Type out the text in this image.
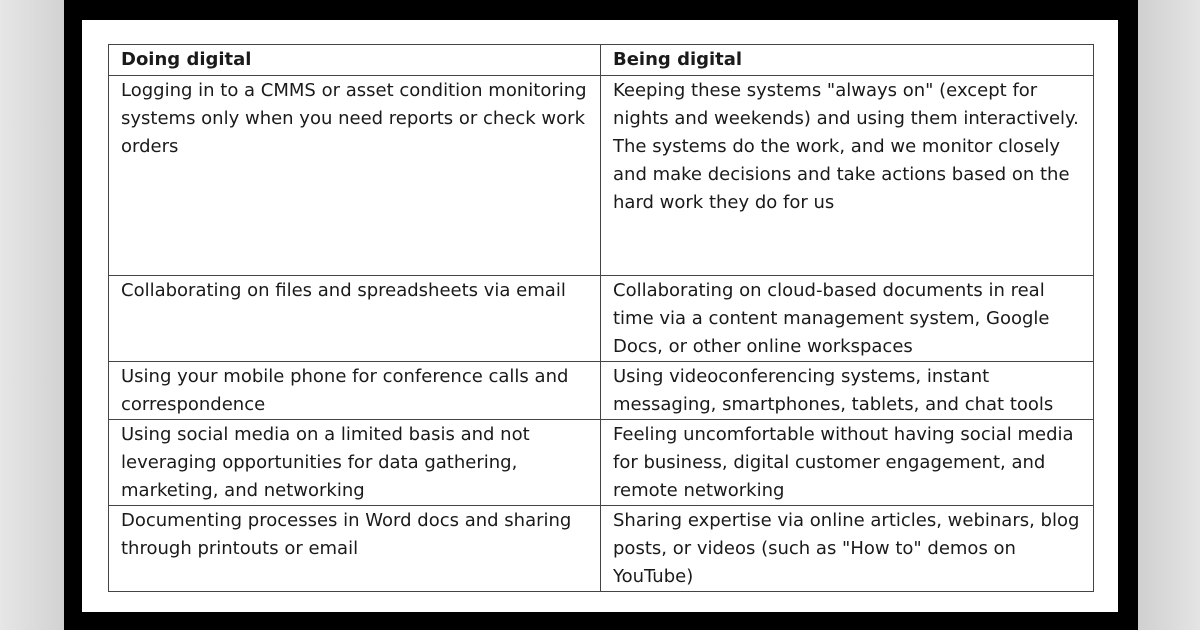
Doing digital	Being digital
Logging in to a CMMS or asset condition monitoring systems only when you need reports or check work orders	Keeping these systems "always on" (except for nights and weekends) and using them interactively. The systems do the work, and we monitor closely and make decisions and take actions based on the hard work they do for us
Collaborating on files and spreadsheets via email	Collaborating on cloud-based documents in real time via a content management system, Google Docs, or other online workspaces
Using your mobile phone for conference calls and correspondence	Using videoconferencing systems, instant messaging, smartphones, tablets, and chat tools
Using social media on a limited basis and not leveraging opportunities for data gathering, marketing, and networking	Feeling uncomfortable without having social media for business, digital customer engagement, and remote networking
Documenting processes in Word docs and sharing through printouts or email	Sharing expertise via online articles, webinars, blog posts, or videos (such as "How to" demos on YouTube)
